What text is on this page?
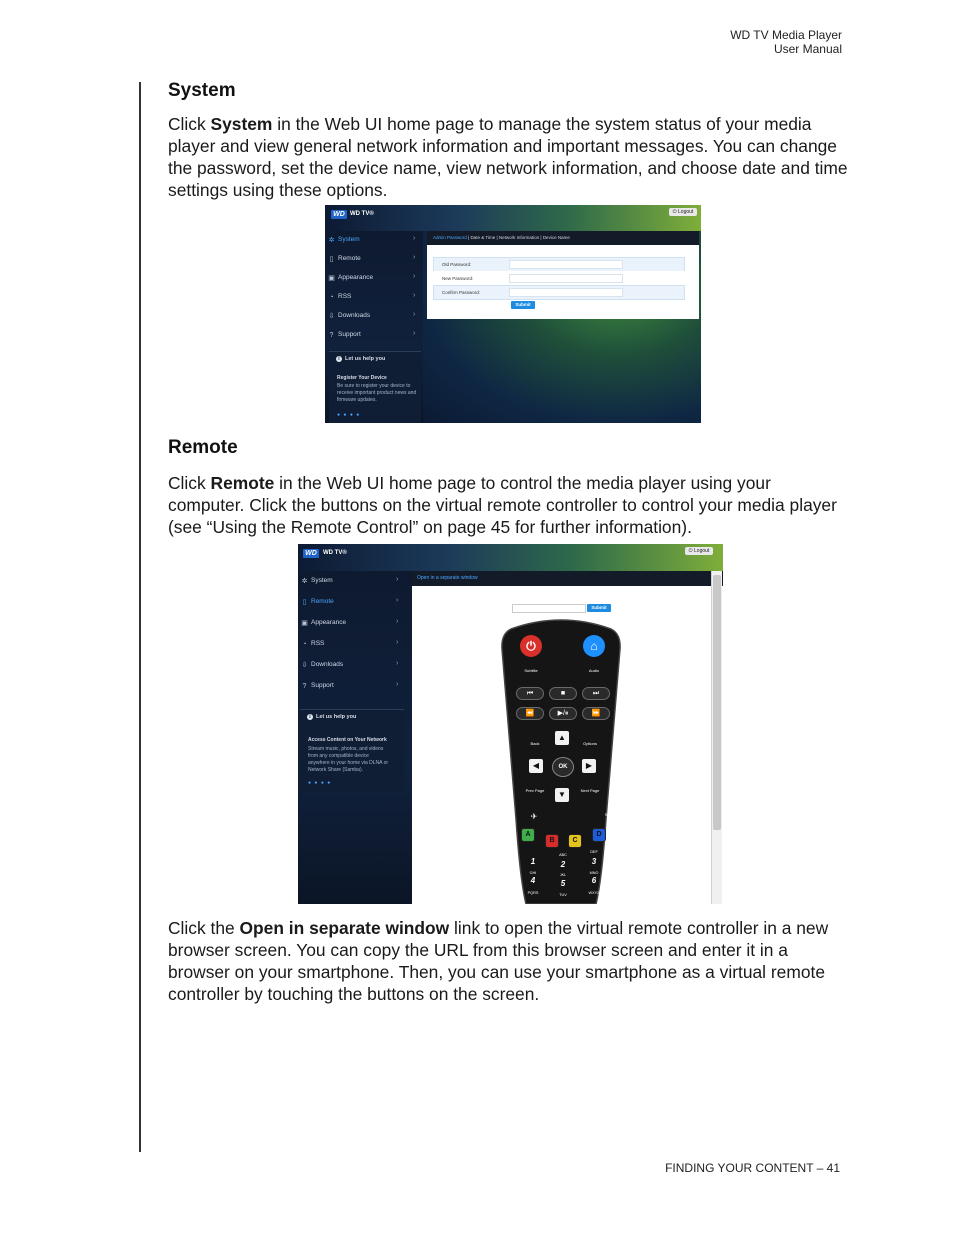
WD TV Media Player
User Manual
System
Click System in the Web UI home page to manage the system status of your media player and view general network information and important messages. You can change the password, set the device name, view network information, and choose date and time settings using these options.
WD WD TV®	⏻ Logout
✲ System	›
▯ Remote	›
▣ Appearance	›
◔ RSS	›
⇩ Downloads	›
? Support	›
i Let us help you
Register Your Device
Be sure to register your device to
receive important product news and
firmware updates.
● ● ● ●
Admin Password | Date & Time | Network Information | Device Name
Old Password:
New Password:
Confirm Password:
Submit
Remote
Click Remote in the Web UI home page to control the media player using your computer. Click the buttons on the virtual remote controller to control your media player (see “Using the Remote Control” on page 45 for further information).
WD	WD TV®	⏻ Logout
✲ System	›
▯ Remote	›
▣ Appearance	›
◔ RSS	›
⇩ Downloads	›
? Support	›
i Let us help you
Access Content on Your Network
Stream music, photos, and videos
from any compatible device
anywhere in your home via DLNA or
Network Share (Samba).
● ● ● ●
Open in a separate window
Submit
⏻	⌂
Subtitle	Audio
⏮	■	⏭
⏪	▶/⏸	⏩
Back	Options
▲
◀	OK	▶
▼
Prev Page	Next Page
Setup
✈
A
B	C
D
ABC
DEF
1	2	3
GHI	JKL	MNO
4	5	6
PQRS	TUV	WXYZ
Click the Open in separate window link to open the virtual remote controller in a new browser screen. You can copy the URL from this browser screen and enter it in a browser on your smartphone. Then, you can use your smartphone as a virtual remote controller by touching the buttons on the screen.
FINDING YOUR CONTENT – 41
